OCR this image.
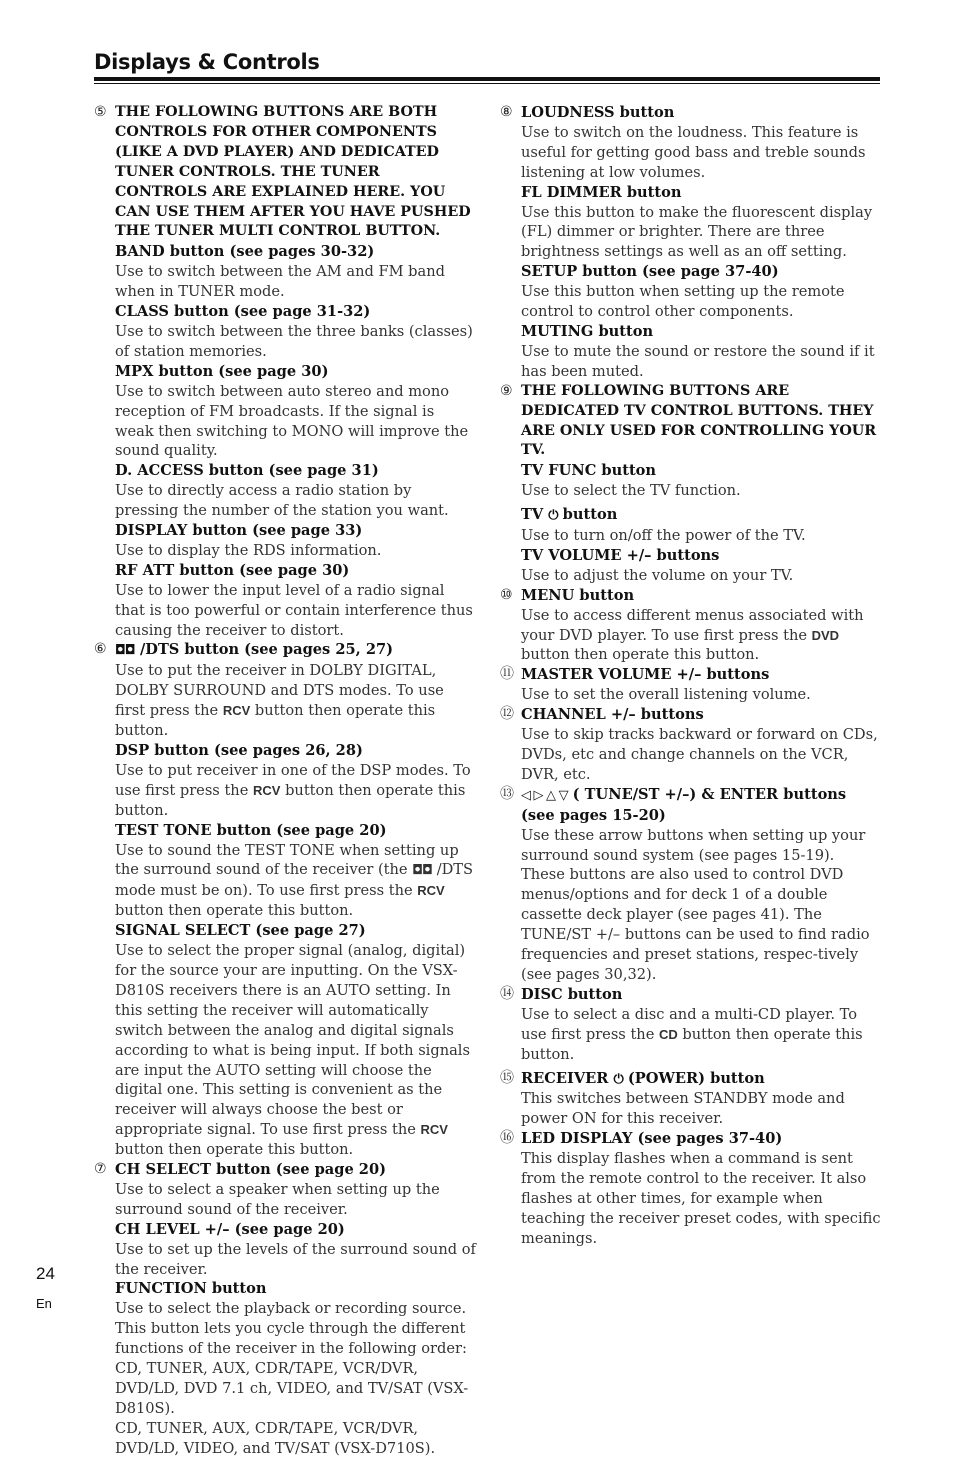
Displays & Controls
⑤ THE FOLLOWING BUTTONS ARE BOTH CONTROLS FOR OTHER COMPONENTS (LIKE A DVD PLAYER) AND DEDICATED TUNER CONTROLS. THE TUNER CONTROLS ARE EXPLAINED HERE. YOU CAN USE THEM AFTER YOU HAVE PUSHED THE TUNER MULTI CONTROL BUTTON.
BAND button (see pages 30-32)
Use to switch between the AM and FM band when in TUNER mode.
CLASS button (see page 31-32)
Use to switch between the three banks (classes) of station memories.
MPX button (see page 30)
Use to switch between auto stereo and mono reception of FM broadcasts. If the signal is weak then switching to MONO will improve the sound quality.
D. ACCESS button (see page 31)
Use to directly access a radio station by pressing the number of the station you want.
DISPLAY button (see page 33)
Use to display the RDS information.
RF ATT button (see page 30)
Use to lower the input level of a radio signal that is too powerful or contain interference thus causing the receiver to distort.
⑥ ◘◘ /DTS button (see pages 25, 27)
Use to put the receiver in DOLBY DIGITAL, DOLBY SURROUND and DTS modes. To use first press the RCV button then operate this button.
DSP button (see pages 26, 28)
Use to put receiver in one of the DSP modes. To use first press the RCV button then operate this button.
TEST TONE button (see page 20)
Use to sound the TEST TONE when setting up the surround sound of the receiver (the ◘◘ /DTS mode must be on). To use first press the RCV button then operate this button.
SIGNAL SELECT (see page 27)
Use to select the proper signal (analog, digital) for the source your are inputting. On the VSX-D810S receivers there is an AUTO setting. In this setting the receiver will automatically switch between the analog and digital signals according to what is being input. If both signals are input the AUTO setting will choose the digital one. This setting is convenient as the receiver will always choose the best or appropriate signal. To use first press the RCV button then operate this button.
⑦ CH SELECT button (see page 20)
Use to select a speaker when setting up the surround sound of the receiver.
CH LEVEL +/– (see page 20)
Use to set up the levels of the surround sound of the receiver.
FUNCTION button
Use to select the playback or recording source. This button lets you cycle through the different functions of the receiver in the following order: CD, TUNER, AUX, CDR/TAPE, VCR/DVR, DVD/LD, DVD 7.1 ch, VIDEO, and TV/SAT (VSX-D810S).
CD, TUNER, AUX, CDR/TAPE, VCR/DVR, DVD/LD, VIDEO, and TV/SAT (VSX-D710S).
⑧ LOUDNESS button
Use to switch on the loudness. This feature is useful for getting good bass and treble sounds listening at low volumes.
FL DIMMER button
Use this button to make the fluorescent display (FL) dimmer or brighter. There are three brightness settings as well as an off setting.
SETUP button (see page 37-40)
Use this button when setting up the remote control to control other components.
MUTING button
Use to mute the sound or restore the sound if it has been muted.
⑨ THE FOLLOWING BUTTONS ARE DEDICATED TV CONTROL BUTTONS. THEY ARE ONLY USED FOR CONTROLLING YOUR TV.
TV FUNC button
Use to select the TV function.
TV ⏻ button
Use to turn on/off the power of the TV.
TV VOLUME +/– buttons
Use to adjust the volume on your TV.
⑩ MENU button
Use to access different menus associated with your DVD player. To use first press the DVD button then operate this button.
⑪ MASTER VOLUME +/– buttons
Use to set the overall listening volume.
⑫ CHANNEL +/– buttons
Use to skip tracks backward or forward on CDs, DVDs, etc and change channels on the VCR, DVR, etc.
⑬ ◁ ▷ △ ▽ ( TUNE/ST +/–) & ENTER buttons (see pages 15-20)
Use these arrow buttons when setting up your surround sound system (see pages 15-19). These buttons are also used to control DVD menus/options and for deck 1 of a double cassette deck player (see pages 41). The TUNE/ST +/– buttons can be used to find radio frequencies and preset stations, respec-tively (see pages 30,32).
⑭ DISC button
Use to select a disc and a multi-CD player. To use first press the CD button then operate this button.
⑮ RECEIVER ⏻ (POWER) button
This switches between STANDBY mode and power ON for this receiver.
⑯ LED DISPLAY (see pages 37-40)
This display flashes when a command is sent from the remote control to the receiver. It also flashes at other times, for example when teaching the receiver preset codes, with specific meanings.
24
En
